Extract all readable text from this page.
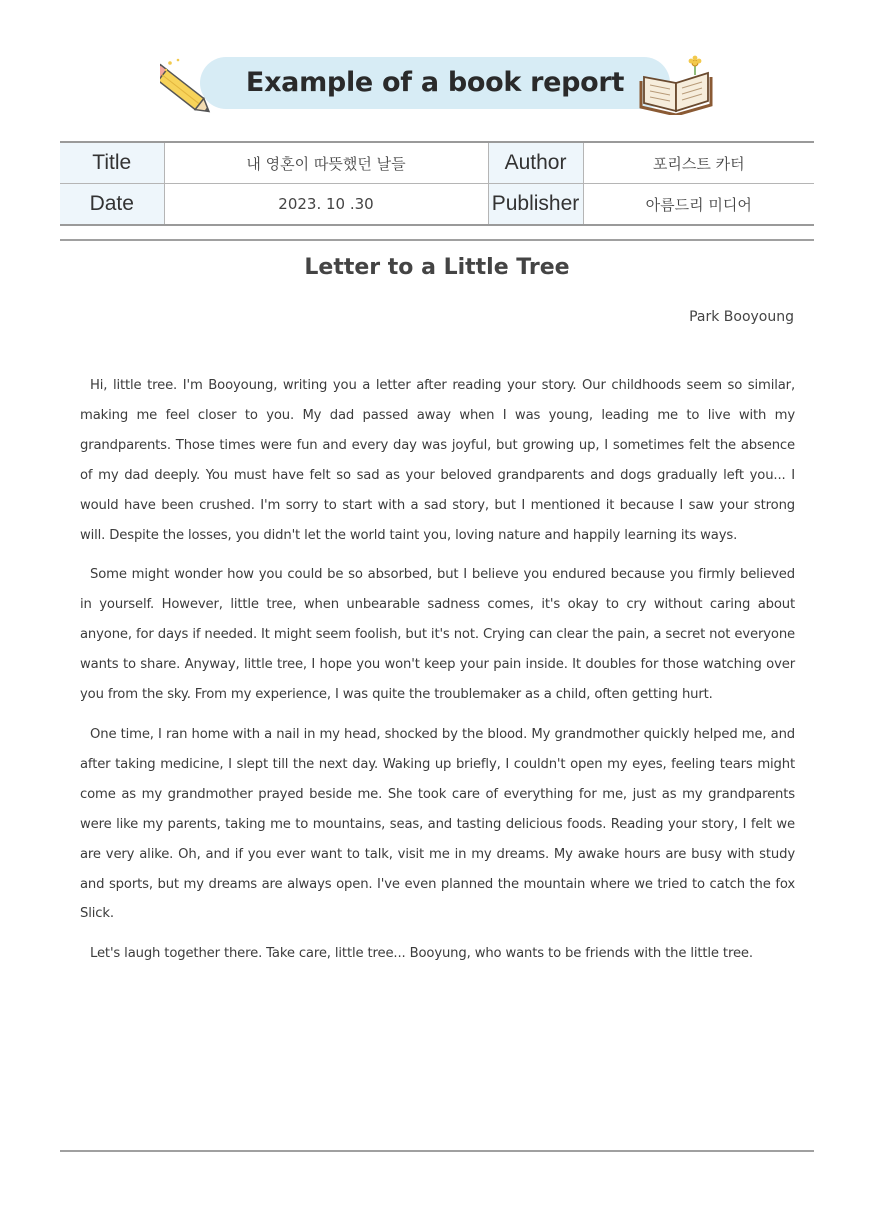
Example of a book report
Title	내 영혼이 따뜻했던 날들	Author	포리스트 카터
Date	2023. 10 .30	Publisher	아름드리 미디어
Letter to a Little Tree
Park Booyoung

Hi, little tree. I'm Booyoung, writing you a letter after reading your story. Our childhoods seem so similar, making me feel closer to you. My dad passed away when I was young, leading me to live with my grandparents. Those times were fun and every day was joyful, but growing up, I sometimes felt the absence of my dad deeply. You must have felt so sad as your beloved grandparents and dogs gradually left you... I would have been crushed. I'm sorry to start with a sad story, but I mentioned it because I saw your strong will. Despite the losses, you didn't let the world taint you, loving nature and happily learning its ways.

Some might wonder how you could be so absorbed, but I believe you endured because you firmly believed in yourself. However, little tree, when unbearable sadness comes, it's okay to cry without caring about anyone, for days if needed. It might seem foolish, but it's not. Crying can clear the pain, a secret not everyone wants to share. Anyway, little tree, I hope you won't keep your pain inside. It doubles for those watching over you from the sky. From my experience, I was quite the troublemaker as a child, often getting hurt.

One time, I ran home with a nail in my head, shocked by the blood. My grandmother quickly helped me, and after taking medicine, I slept till the next day. Waking up briefly, I couldn't open my eyes, feeling tears might come as my grandmother prayed beside me. She took care of everything for me, just as my grandparents were like my parents, taking me to mountains, seas, and tasting delicious foods. Reading your story, I felt we are very alike. Oh, and if you ever want to talk, visit me in my dreams. My awake hours are busy with study and sports, but my dreams are always open. I've even planned the mountain where we tried to catch the fox Slick.

Let's laugh together there. Take care, little tree... Booyung, who wants to be friends with the little tree.
